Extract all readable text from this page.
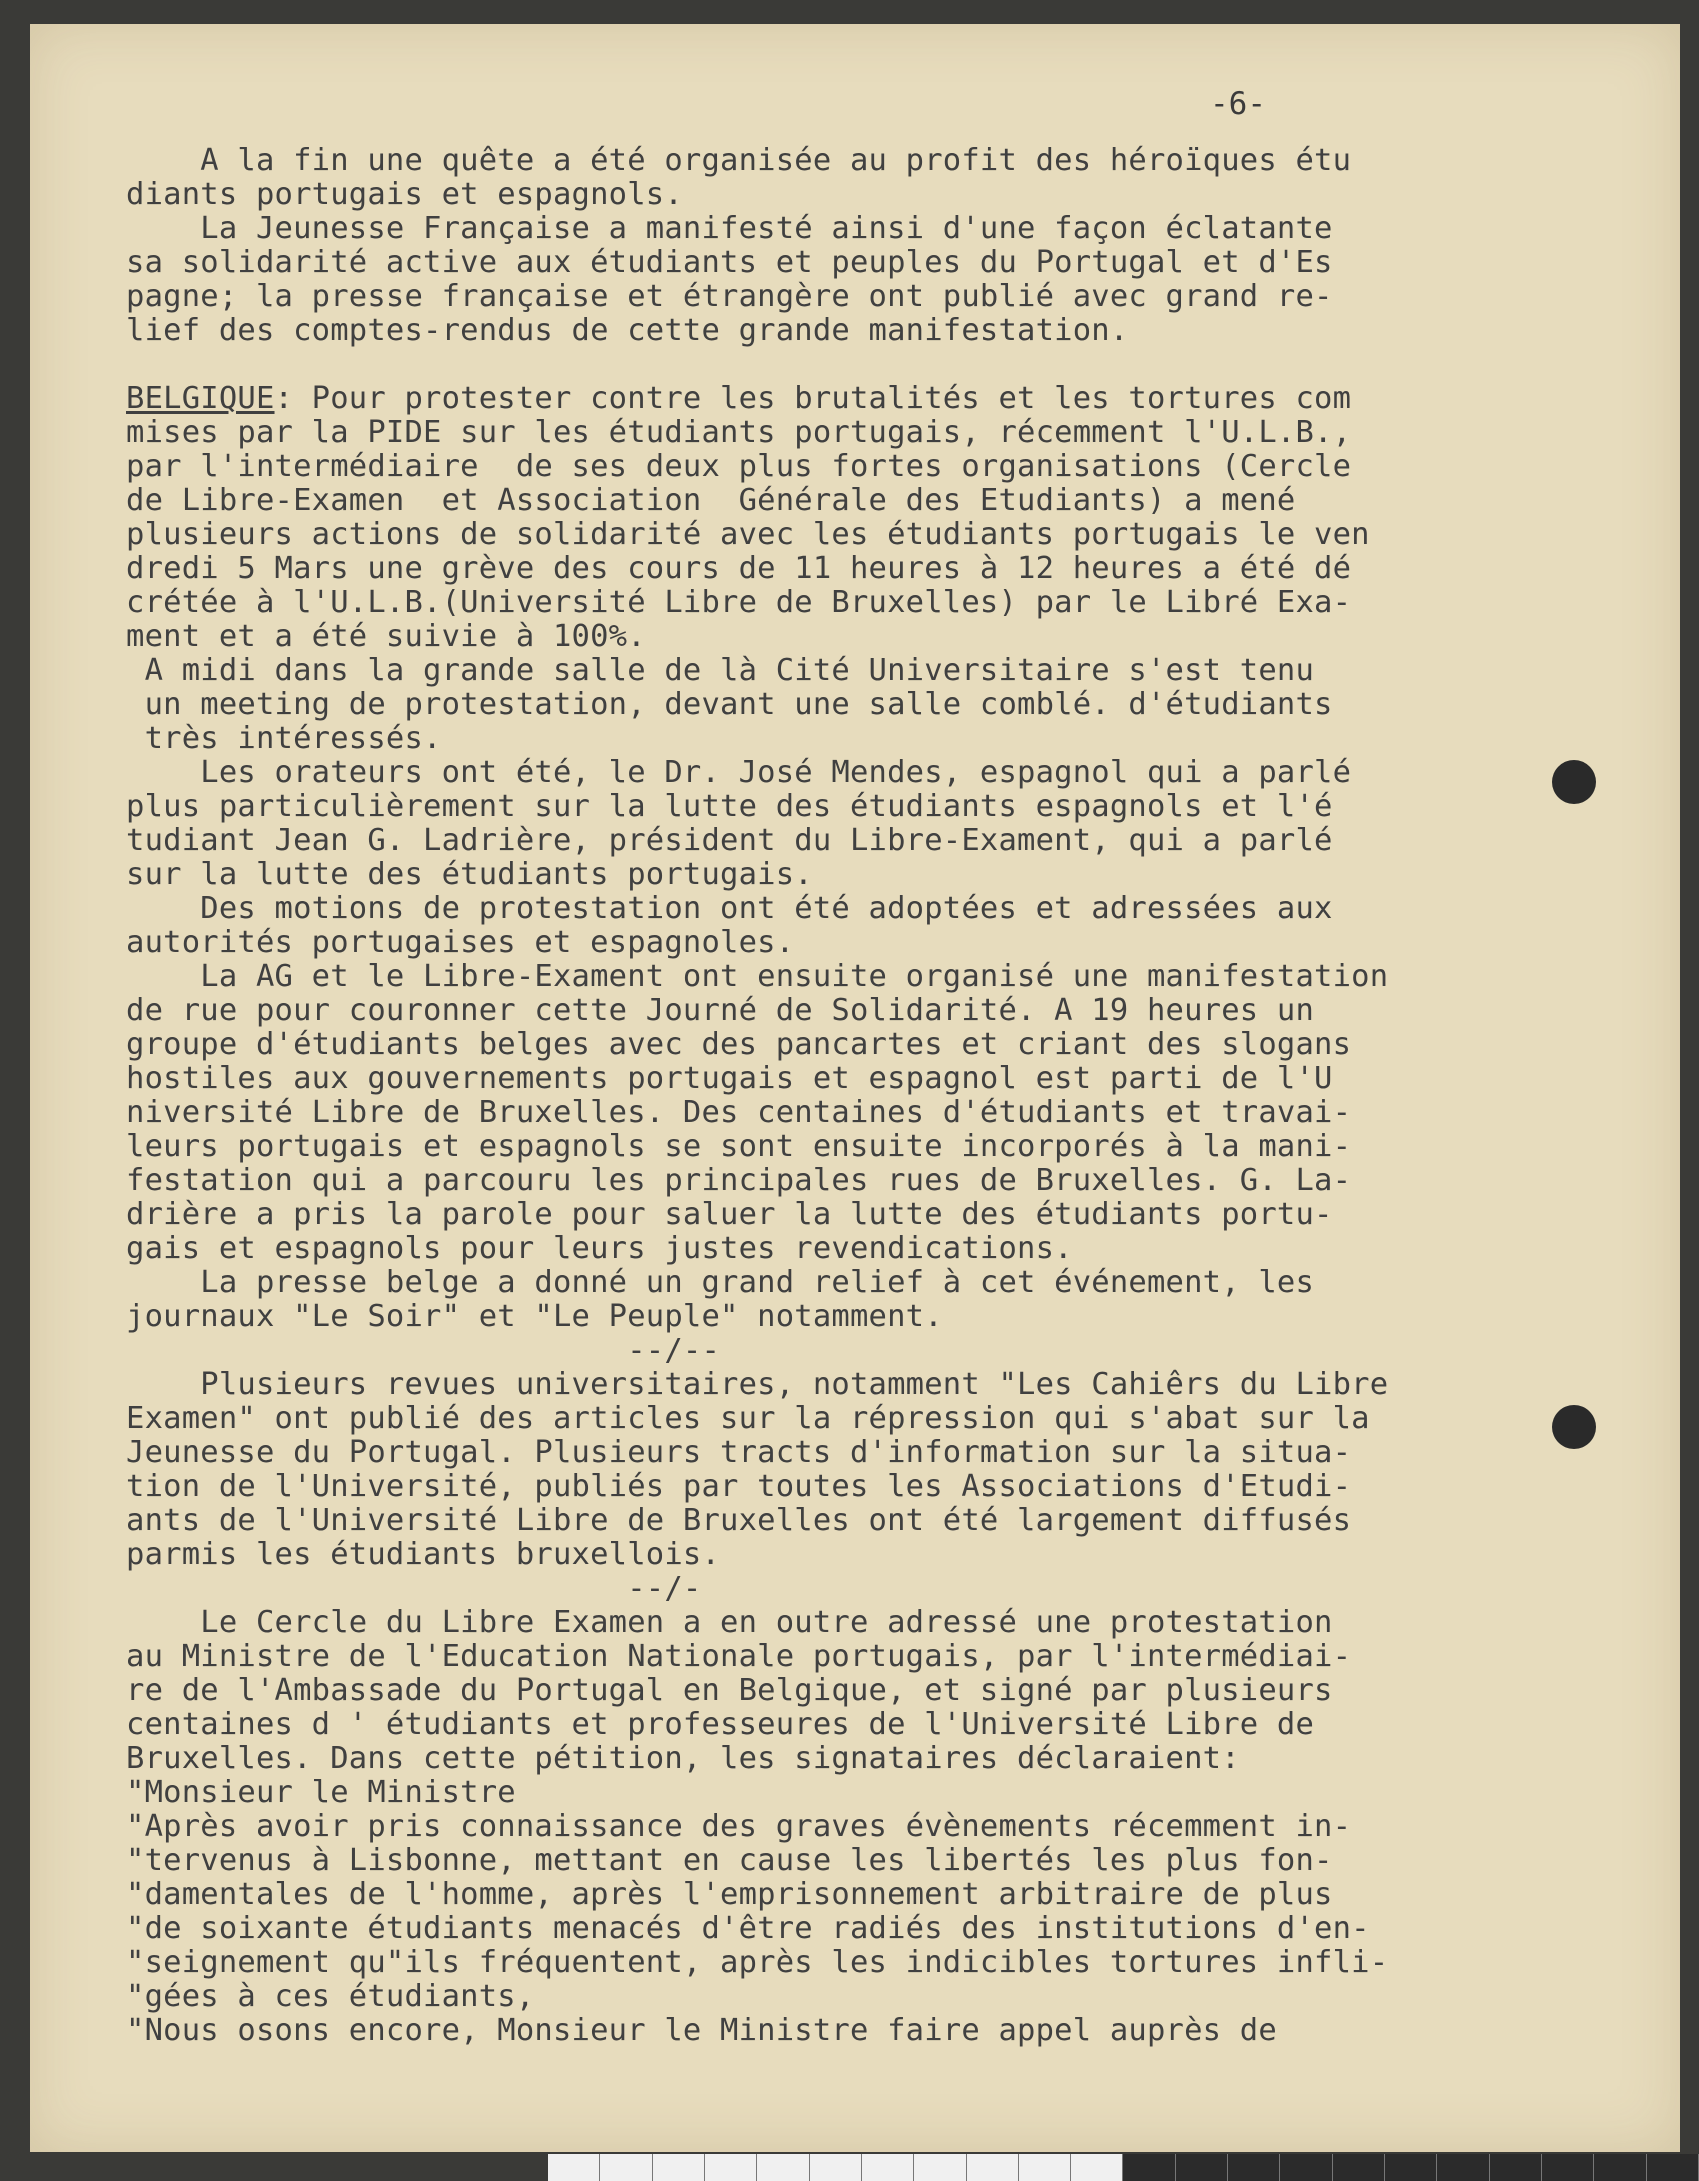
-6-
A la fin une quête a été organisée au profit des héroïques étu
diants portugais et espagnols.
La Jeunesse Française a manifesté ainsi d'une façon éclatante
sa solidarité active aux étudiants et peuples du Portugal et d'Es
pagne; la presse française et étrangère ont publié avec grand re-
lief des comptes-rendus de cette grande manifestation.
BELGIQUE: Pour protester contre les brutalités et les tortures com
mises par la PIDE sur les étudiants portugais, récemment l'U.L.B.,
par l'intermédiaire  de ses deux plus fortes organisations (Cercle
de Libre-Examen  et Association  Générale des Etudiants) a mené
plusieurs actions de solidarité avec les étudiants portugais le ven
dredi 5 Mars une grève des cours de 11 heures à 12 heures a été dé
crétée à l'U.L.B.(Université Libre de Bruxelles) par le Libré Exa-
ment et a été suivie à 100%.
A midi dans la grande salle de là Cité Universitaire s'est tenu
un meeting de protestation, devant une salle comblé. d'étudiants
très intéressés.
Les orateurs ont été, le Dr. José Mendes, espagnol qui a parlé
plus particulièrement sur la lutte des étudiants espagnols et l'é
tudiant Jean G. Ladrière, président du Libre-Exament, qui a parlé
sur la lutte des étudiants portugais.
Des motions de protestation ont été adoptées et adressées aux
autorités portugaises et espagnoles.
La AG et le Libre-Exament ont ensuite organisé une manifestation
de rue pour couronner cette Journé de Solidarité. A 19 heures un
groupe d'étudiants belges avec des pancartes et criant des slogans
hostiles aux gouvernements portugais et espagnol est parti de l'U
niversité Libre de Bruxelles. Des centaines d'étudiants et travai-
leurs portugais et espagnols se sont ensuite incorporés à la mani-
festation qui a parcouru les principales rues de Bruxelles. G. La-
drière a pris la parole pour saluer la lutte des étudiants portu-
gais et espagnols pour leurs justes revendications.
La presse belge a donné un grand relief à cet événement, les
journaux "Le Soir" et "Le Peuple" notamment.
--/--
Plusieurs revues universitaires, notamment "Les Cahiêrs du Libre
Examen" ont publié des articles sur la répression qui s'abat sur la
Jeunesse du Portugal. Plusieurs tracts d'information sur la situa-
tion de l'Université, publiés par toutes les Associations d'Etudi-
ants de l'Université Libre de Bruxelles ont été largement diffusés
parmis les étudiants bruxellois.
--/-
Le Cercle du Libre Examen a en outre adressé une protestation
au Ministre de l'Education Nationale portugais, par l'intermédiai-
re de l'Ambassade du Portugal en Belgique, et signé par plusieurs
centaines d ' étudiants et professeures de l'Université Libre de
Bruxelles. Dans cette pétition, les signataires déclaraient:
"Monsieur le Ministre
"Après avoir pris connaissance des graves évènements récemment in-
"tervenus à Lisbonne, mettant en cause les libertés les plus fon-
"damentales de l'homme, après l'emprisonnement arbitraire de plus
"de soixante étudiants menacés d'être radiés des institutions d'en-
"seignement qu"ils fréquentent, après les indicibles tortures infli-
"gées à ces étudiants,
"Nous osons encore, Monsieur le Ministre faire appel auprès de
